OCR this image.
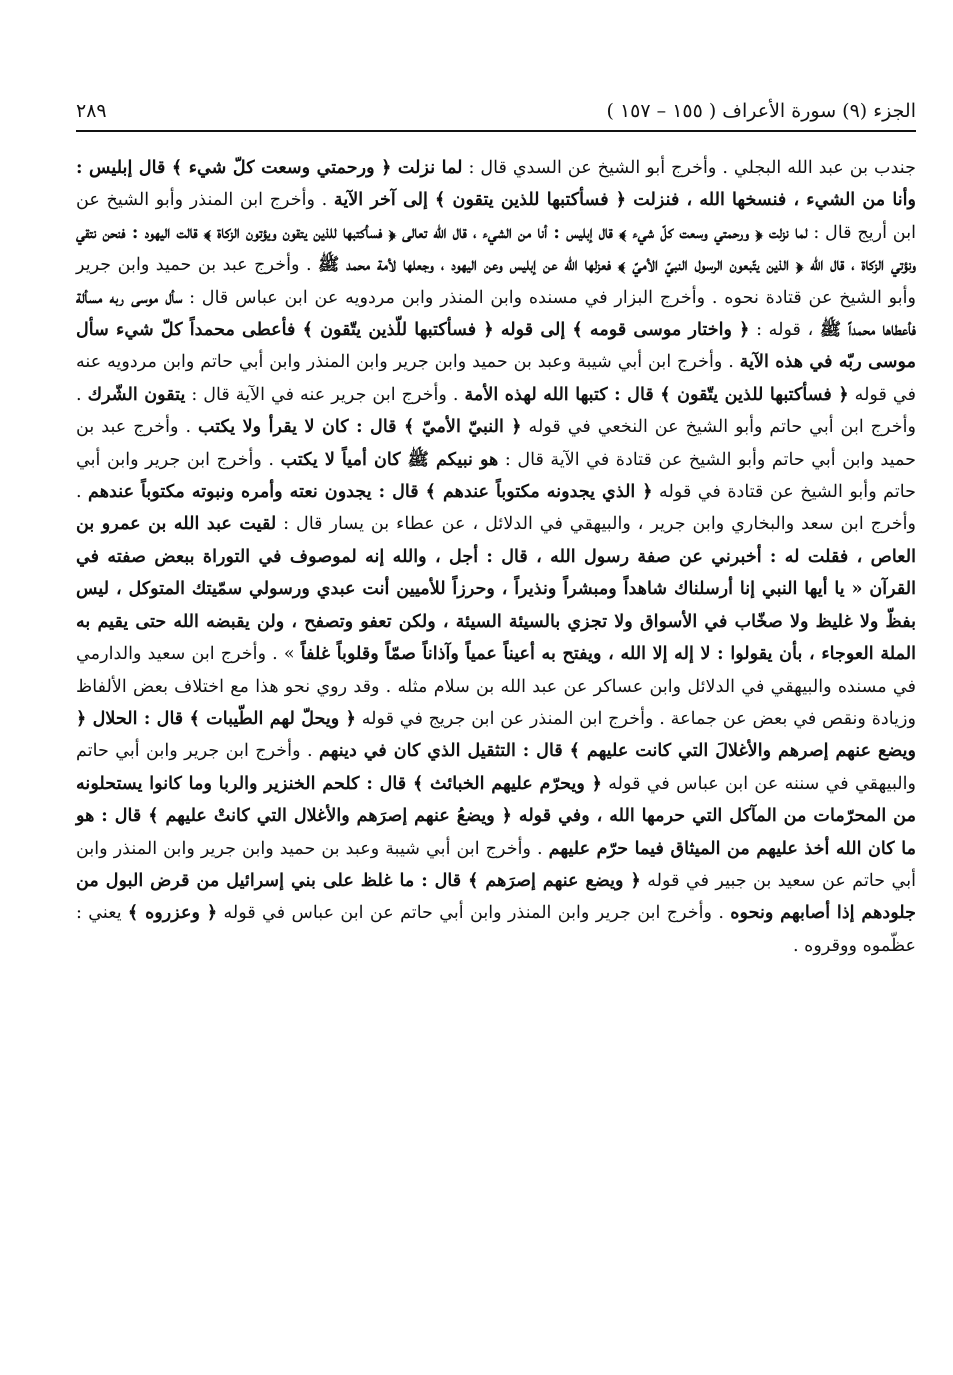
الجزء (٩) سورة الأعراف ( ١٥٥ – ١٥٧ )
٢٨٩
جندب بن عبد الله البجلي . وأخرج أبو الشيخ عن السدي قال : لما نزلت ﴿ ورحمتي وسعت كلّ شيء ﴾ قال إبليس : وأنا من الشيء ، فنسخها الله ، فنزلت ﴿ فسأكتبها للذين يتقون ﴾ إلى آخر الآية . وأخرج ابن المنذر وأبو الشيخ عن ابن أريج قال : لما نزلت ﴿ ورحمتي وسعت كلّ شيء ﴾ قال إبليس : أنا من الشيء ، قال الله تعالى ﴿ فسأكتبها للذين يتقون ويؤتون الزكاة ﴾ قالت اليهود : فنحن نتقي ونؤتي الزكاة ، قال الله ﴿ الذين يتّبعون الرسول النبيّ الأميّ ﴾ فعزلها الله عن إبليس وعن اليهود ، وجعلها لأمة محمد ﷺ . وأخرج عبد بن حميد وابن جرير وأبو الشيخ عن قتادة نحوه . وأخرج البزار في مسنده وابن المنذر وابن مردويه عن ابن عباس قال : سأل موسى ربه مسألة فأعطاها محمداً ﷺ ، قوله : ﴿ واختار موسى قومه ﴾ إلى قوله ﴿ فسأكتبها للّذين يتّقون ﴾ فأعطى محمداً كلّ شيء سأل موسى ربّه في هذه الآية . وأخرج ابن أبي شيبة وعبد بن حميد وابن جرير وابن المنذر وابن أبي حاتم وابن مردويه عنه في قوله ﴿ فسأكتبها للذين يتّقون ﴾ قال : كتبها الله لهذه الأمة . وأخرج ابن جرير عنه في الآية قال : يتقون الشّرك . وأخرج ابن أبي حاتم وأبو الشيخ عن النخعي في قوله ﴿ النبيّ الأميّ ﴾ قال : كان لا يقرأ ولا يكتب . وأخرج عبد بن حميد وابن أبي حاتم وأبو الشيخ عن قتادة في الآية قال : هو نبيكم ﷺ كان أمياً لا يكتب . وأخرج ابن جرير وابن أبي حاتم وأبو الشيخ عن قتادة في قوله ﴿ الذي يجدونه مكتوباً عندهم ﴾ قال : يجدون نعته وأمره ونبوته مكتوباً عندهم . وأخرج ابن سعد والبخاري وابن جرير ، والبيهقي في الدلائل ، عن عطاء بن يسار قال : لقيت عبد الله بن عمرو بن العاص ، فقلت له : أخبرني عن صفة رسول الله ، قال : أجل ، والله إنه لموصوف في التوراة ببعض صفته في القرآن « يا أيها النبي إنا أرسلناك شاهداً ومبشراً ونذيراً ، وحرزاً للأميين أنت عبدي ورسولي سمّيتك المتوكل ، ليس بفظّ ولا غليظ ولا صخّاب في الأسواق ولا تجزي بالسيئة السيئة ، ولكن تعفو وتصفح ، ولن يقبضه الله حتى يقيم به الملة العوجاء ، بأن يقولوا : لا إله إلا الله ، ويفتح به أعيناً عمياً وآذاناً صمّاً وقلوباً غلفاً » . وأخرج ابن سعيد والدارمي في مسنده والبيهقي في الدلائل وابن عساكر عن عبد الله بن سلام مثله . وقد روي نحو هذا مع اختلاف بعض الألفاظ وزيادة ونقص في بعض عن جماعة . وأخرج ابن المنذر عن ابن جريج في قوله ﴿ ويحلّ لهم الطّيبات ﴾ قال : الحلال ﴿ ويضع عنهم إصرهم والأغلالَ التي كانت عليهم ﴾ قال : التثقيل الذي كان في دينهم . وأخرج ابن جرير وابن أبي حاتم والبيهقي في سننه عن ابن عباس في قوله ﴿ ويحرّم عليهم الخبائث ﴾ قال : كلحم الخنزير والربا وما كانوا يستحلونه من المحرّمات من المآكل التي حرمها الله ، وفي قوله ﴿ ويضعُ عنهم إصرَهم والأغلال التي كانتْ عليهم ﴾ قال : هو ما كان الله أخذ عليهم من الميثاق فيما حرّم عليهم . وأخرج ابن أبي شيبة وعبد بن حميد وابن جرير وابن المنذر وابن أبي حاتم عن سعيد بن جبير في قوله ﴿ ويضع عنهم إصرَهم ﴾ قال : ما غلظ على بني إسرائيل من قرض البول من جلودهم إذا أصابهم ونحوه . وأخرج ابن جرير وابن المنذر وابن أبي حاتم عن ابن عباس في قوله ﴿ وعزروه ﴾ يعني : عظّموه ووقروه .
